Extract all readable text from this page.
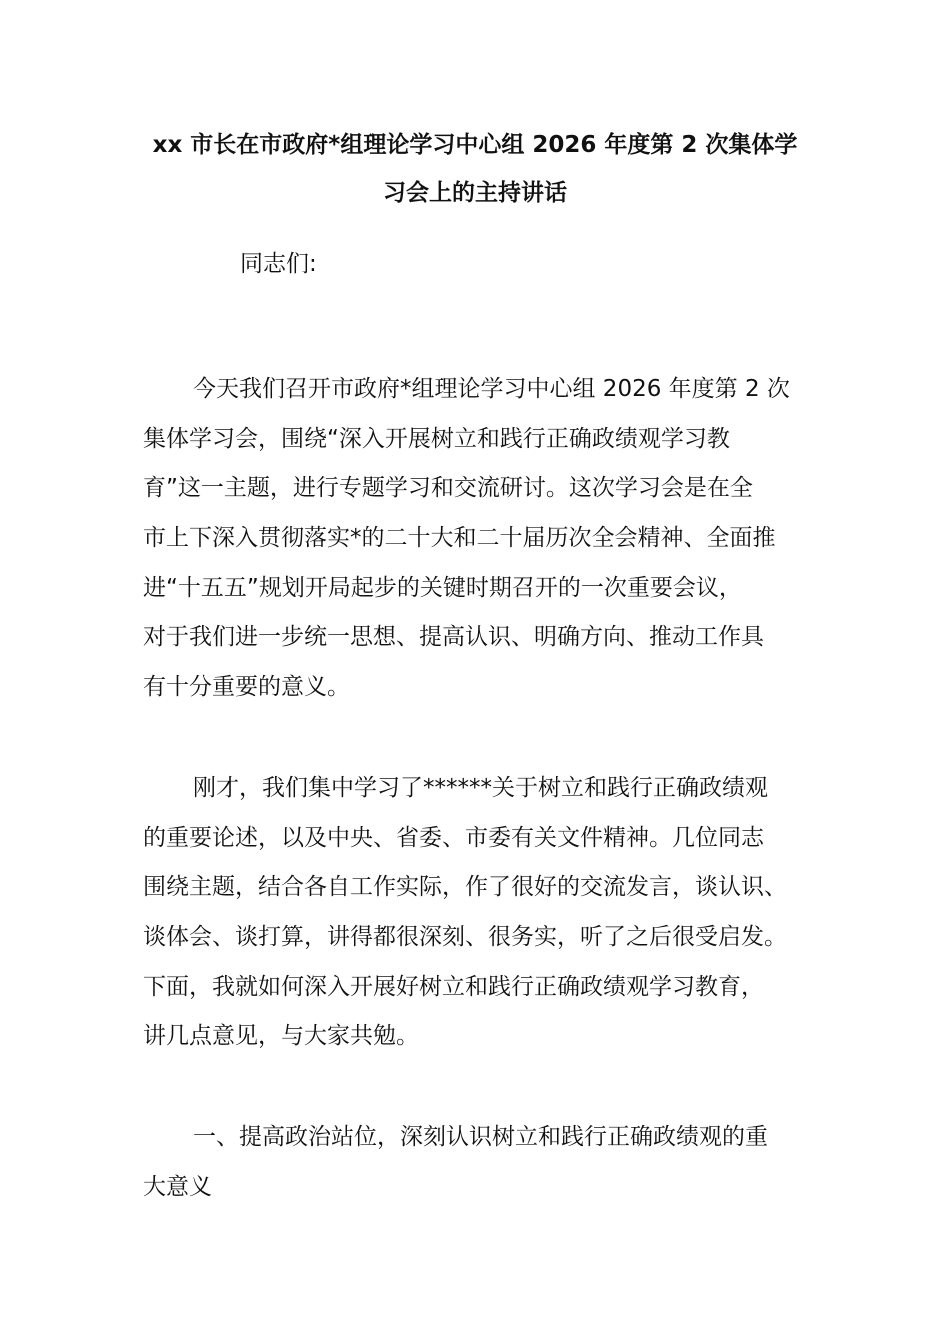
xx 市长在市政府*组理论学习中心组 2026 年度第 2 次集体学
习会上的主持讲话
同志们:
今天我们召开市政府*组理论学习中心组 2026 年度第 2 次
集体学习会，围绕“深入开展树立和践行正确政绩观学习教
育”这一主题，进行专题学习和交流研讨。这次学习会是在全
市上下深入贯彻落实*的二十大和二十届历次全会精神、全面推
进“十五五”规划开局起步的关键时期召开的一次重要会议，
对于我们进一步统一思想、提高认识、明确方向、推动工作具
有十分重要的意义。
刚才，我们集中学习了******关于树立和践行正确政绩观
的重要论述，以及中央、省委、市委有关文件精神。几位同志
围绕主题，结合各自工作实际，作了很好的交流发言，谈认识、
谈体会、谈打算，讲得都很深刻、很务实，听了之后很受启发。
下面，我就如何深入开展好树立和践行正确政绩观学习教育，
讲几点意见，与大家共勉。
一、提高政治站位，深刻认识树立和践行正确政绩观的重
大意义
